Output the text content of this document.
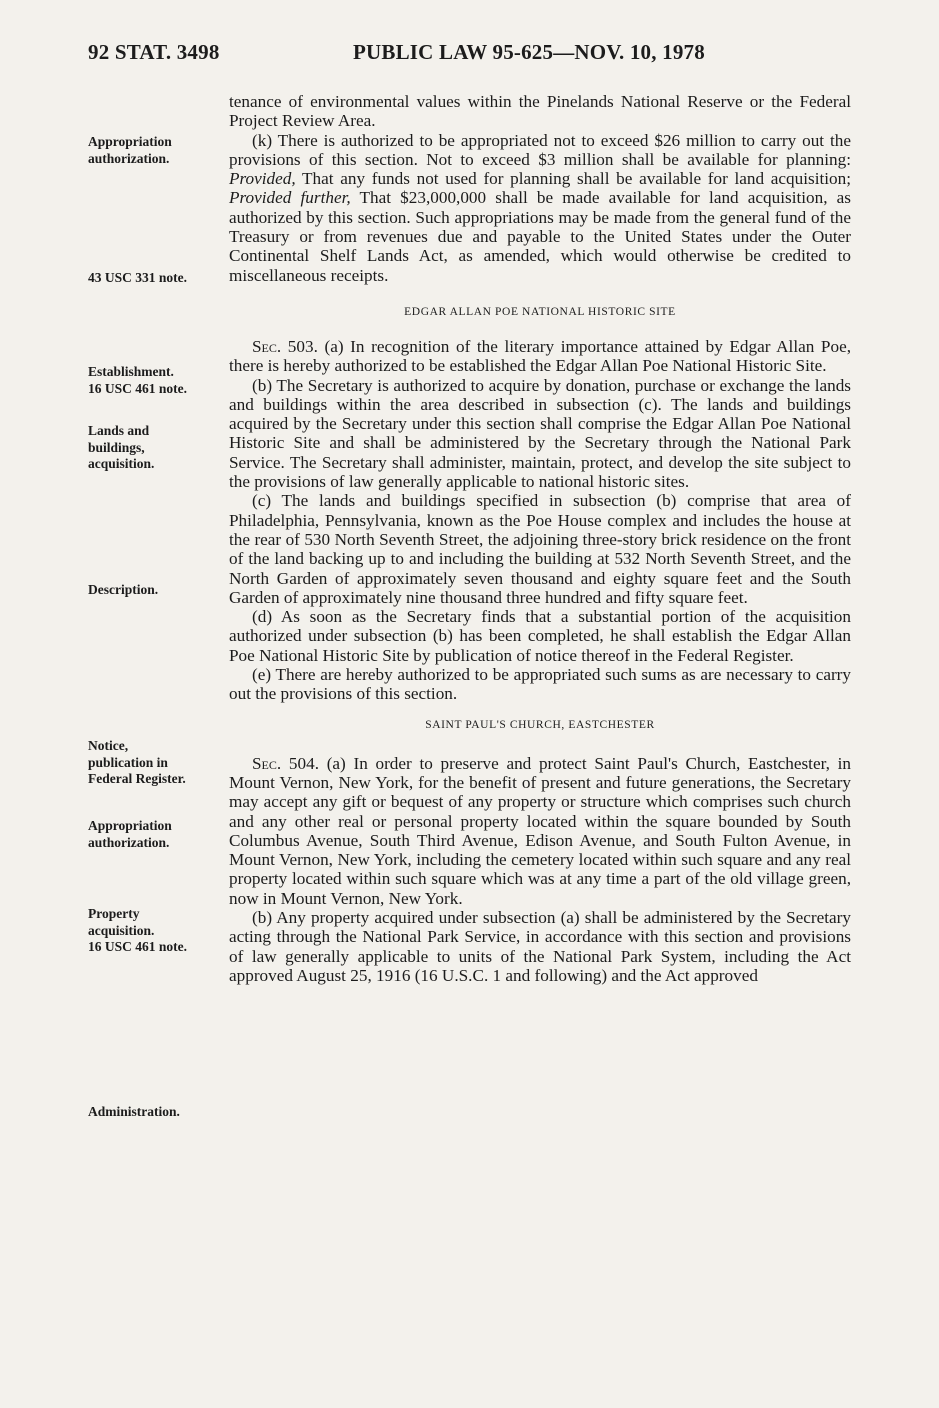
92 STAT. 3498	PUBLIC LAW 95-625—NOV. 10, 1978
Appropriation
authorization.
43 USC 331 note.
Establishment.
16 USC 461 note.
Lands and
buildings,
acquisition.
Description.
Notice,
publication in
Federal Register.
Appropriation
authorization.
Property
acquisition.
16 USC 461 note.
Administration.

tenance of environmental values within the Pinelands National Reserve or the Federal Project Review Area.

(k) There is authorized to be appropriated not to exceed $26 million to carry out the provisions of this section. Not to exceed $3 million shall be available for planning: Provided, That any funds not used for planning shall be available for land acquisition; Provided further, That $23,000,000 shall be made available for land acquisition, as authorized by this section. Such appropriations may be made from the general fund of the Treasury or from revenues due and payable to the United States under the Outer Continental Shelf Lands Act, as amended, which would otherwise be credited to miscellaneous receipts.

EDGAR ALLAN POE NATIONAL HISTORIC SITE

Sec. 503. (a) In recognition of the literary importance attained by Edgar Allan Poe, there is hereby authorized to be established the Edgar Allan Poe National Historic Site.

(b) The Secretary is authorized to acquire by donation, purchase or exchange the lands and buildings within the area described in subsection (c). The lands and buildings acquired by the Secretary under this section shall comprise the Edgar Allan Poe National Historic Site and shall be administered by the Secretary through the National Park Service. The Secretary shall administer, maintain, protect, and develop the site subject to the provisions of law generally applicable to national historic sites.

(c) The lands and buildings specified in subsection (b) comprise that area of Philadelphia, Pennsylvania, known as the Poe House complex and includes the house at the rear of 530 North Seventh Street, the adjoining three-story brick residence on the front of the land backing up to and including the building at 532 North Seventh Street, and the North Garden of approximately seven thousand and eighty square feet and the South Garden of approximately nine thousand three hundred and fifty square feet.

(d) As soon as the Secretary finds that a substantial portion of the acquisition authorized under subsection (b) has been completed, he shall establish the Edgar Allan Poe National Historic Site by publication of notice thereof in the Federal Register.

(e) There are hereby authorized to be appropriated such sums as are necessary to carry out the provisions of this section.

SAINT PAUL'S CHURCH, EASTCHESTER

Sec. 504. (a) In order to preserve and protect Saint Paul's Church, Eastchester, in Mount Vernon, New York, for the benefit of present and future generations, the Secretary may accept any gift or bequest of any property or structure which comprises such church and any other real or personal property located within the square bounded by South Columbus Avenue, South Third Avenue, Edison Avenue, and South Fulton Avenue, in Mount Vernon, New York, including the cemetery located within such square and any real property located within such square which was at any time a part of the old village green, now in Mount Vernon, New York.

(b) Any property acquired under subsection (a) shall be administered by the Secretary acting through the National Park Service, in accordance with this section and provisions of law generally applicable to units of the National Park System, including the Act approved August 25, 1916 (16 U.S.C. 1 and following) and the Act approved
